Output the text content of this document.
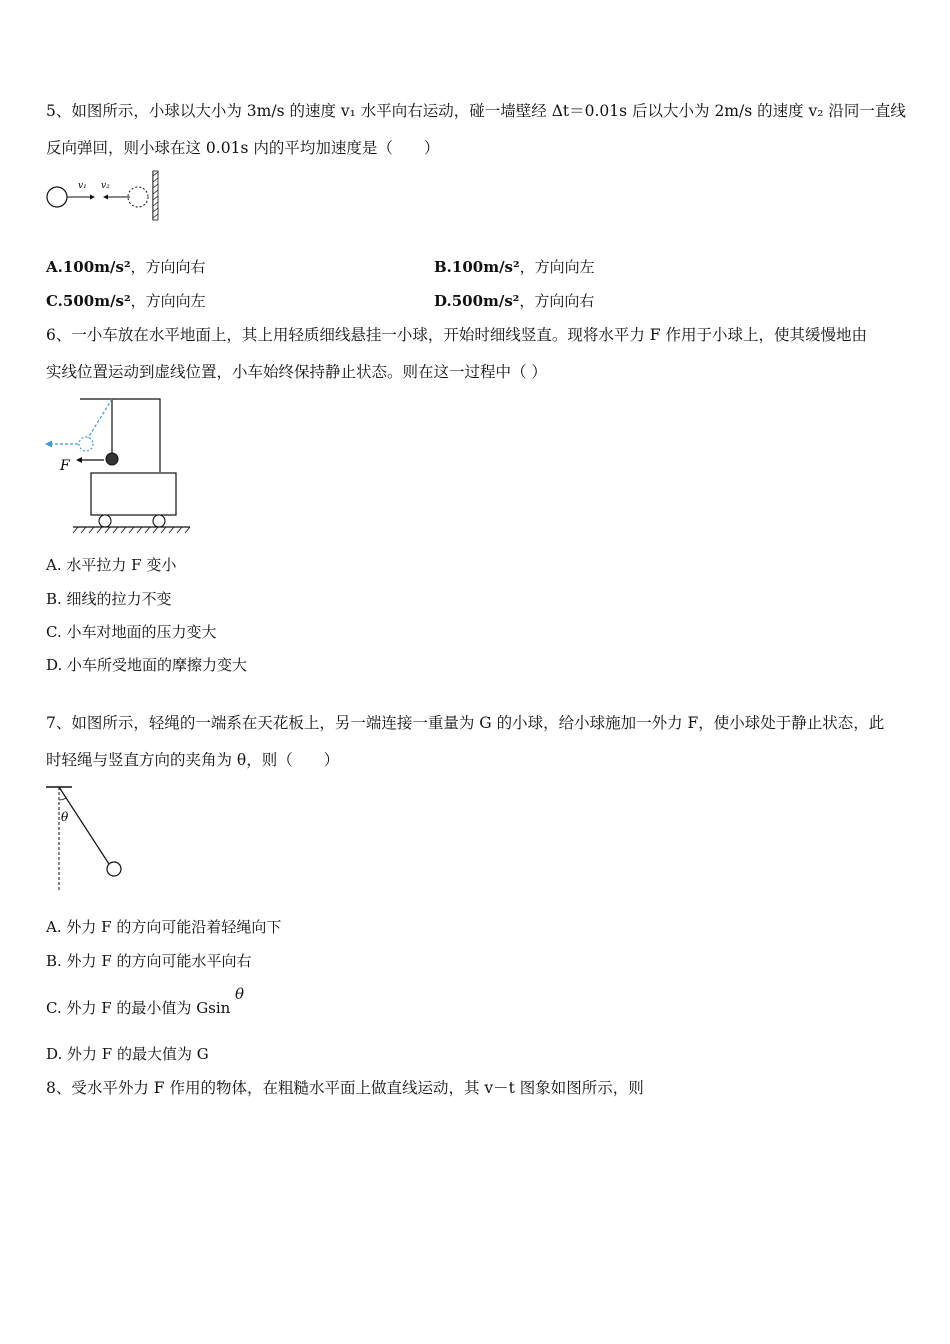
5、如图所示，小球以大小为 3m/s 的速度 v₁ 水平向右运动，碰一墙壁经 Δt＝0.01s 后以大小为 2m/s 的速度 v₂ 沿同一直线
反向弹回，则小球在这 0.01s 内的平均加速度是（　　）
v₁ v₂
A.100m/s²，方向向右	B.100m/s²，方向向左
C.500m/s²，方向向左	D.500m/s²，方向向右
6、一小车放在水平地面上，其上用轻质细线悬挂一小球，开始时细线竖直。现将水平力 F 作用于小球上，使其缓慢地由
实线位置运动到虚线位置，小车始终保持静止状态。则在这一过程中（ ）
F
A. 水平拉力 F 变小
B. 细线的拉力不变
C. 小车对地面的压力变大
D. 小车所受地面的摩擦力变大
7、如图所示，轻绳的一端系在天花板上，另一端连接一重量为 G 的小球，给小球施加一外力 F，使小球处于静止状态，此
时轻绳与竖直方向的夹角为 θ，则（　　）
θ
A. 外力 F 的方向可能沿着轻绳向下
B. 外力 F 的方向可能水平向右
C. 外力 F 的最小值为 Gsin
θ
D. 外力 F 的最大值为 G
8、受水平外力 F 作用的物体，在粗糙水平面上做直线运动，其 v－t 图象如图所示，则
